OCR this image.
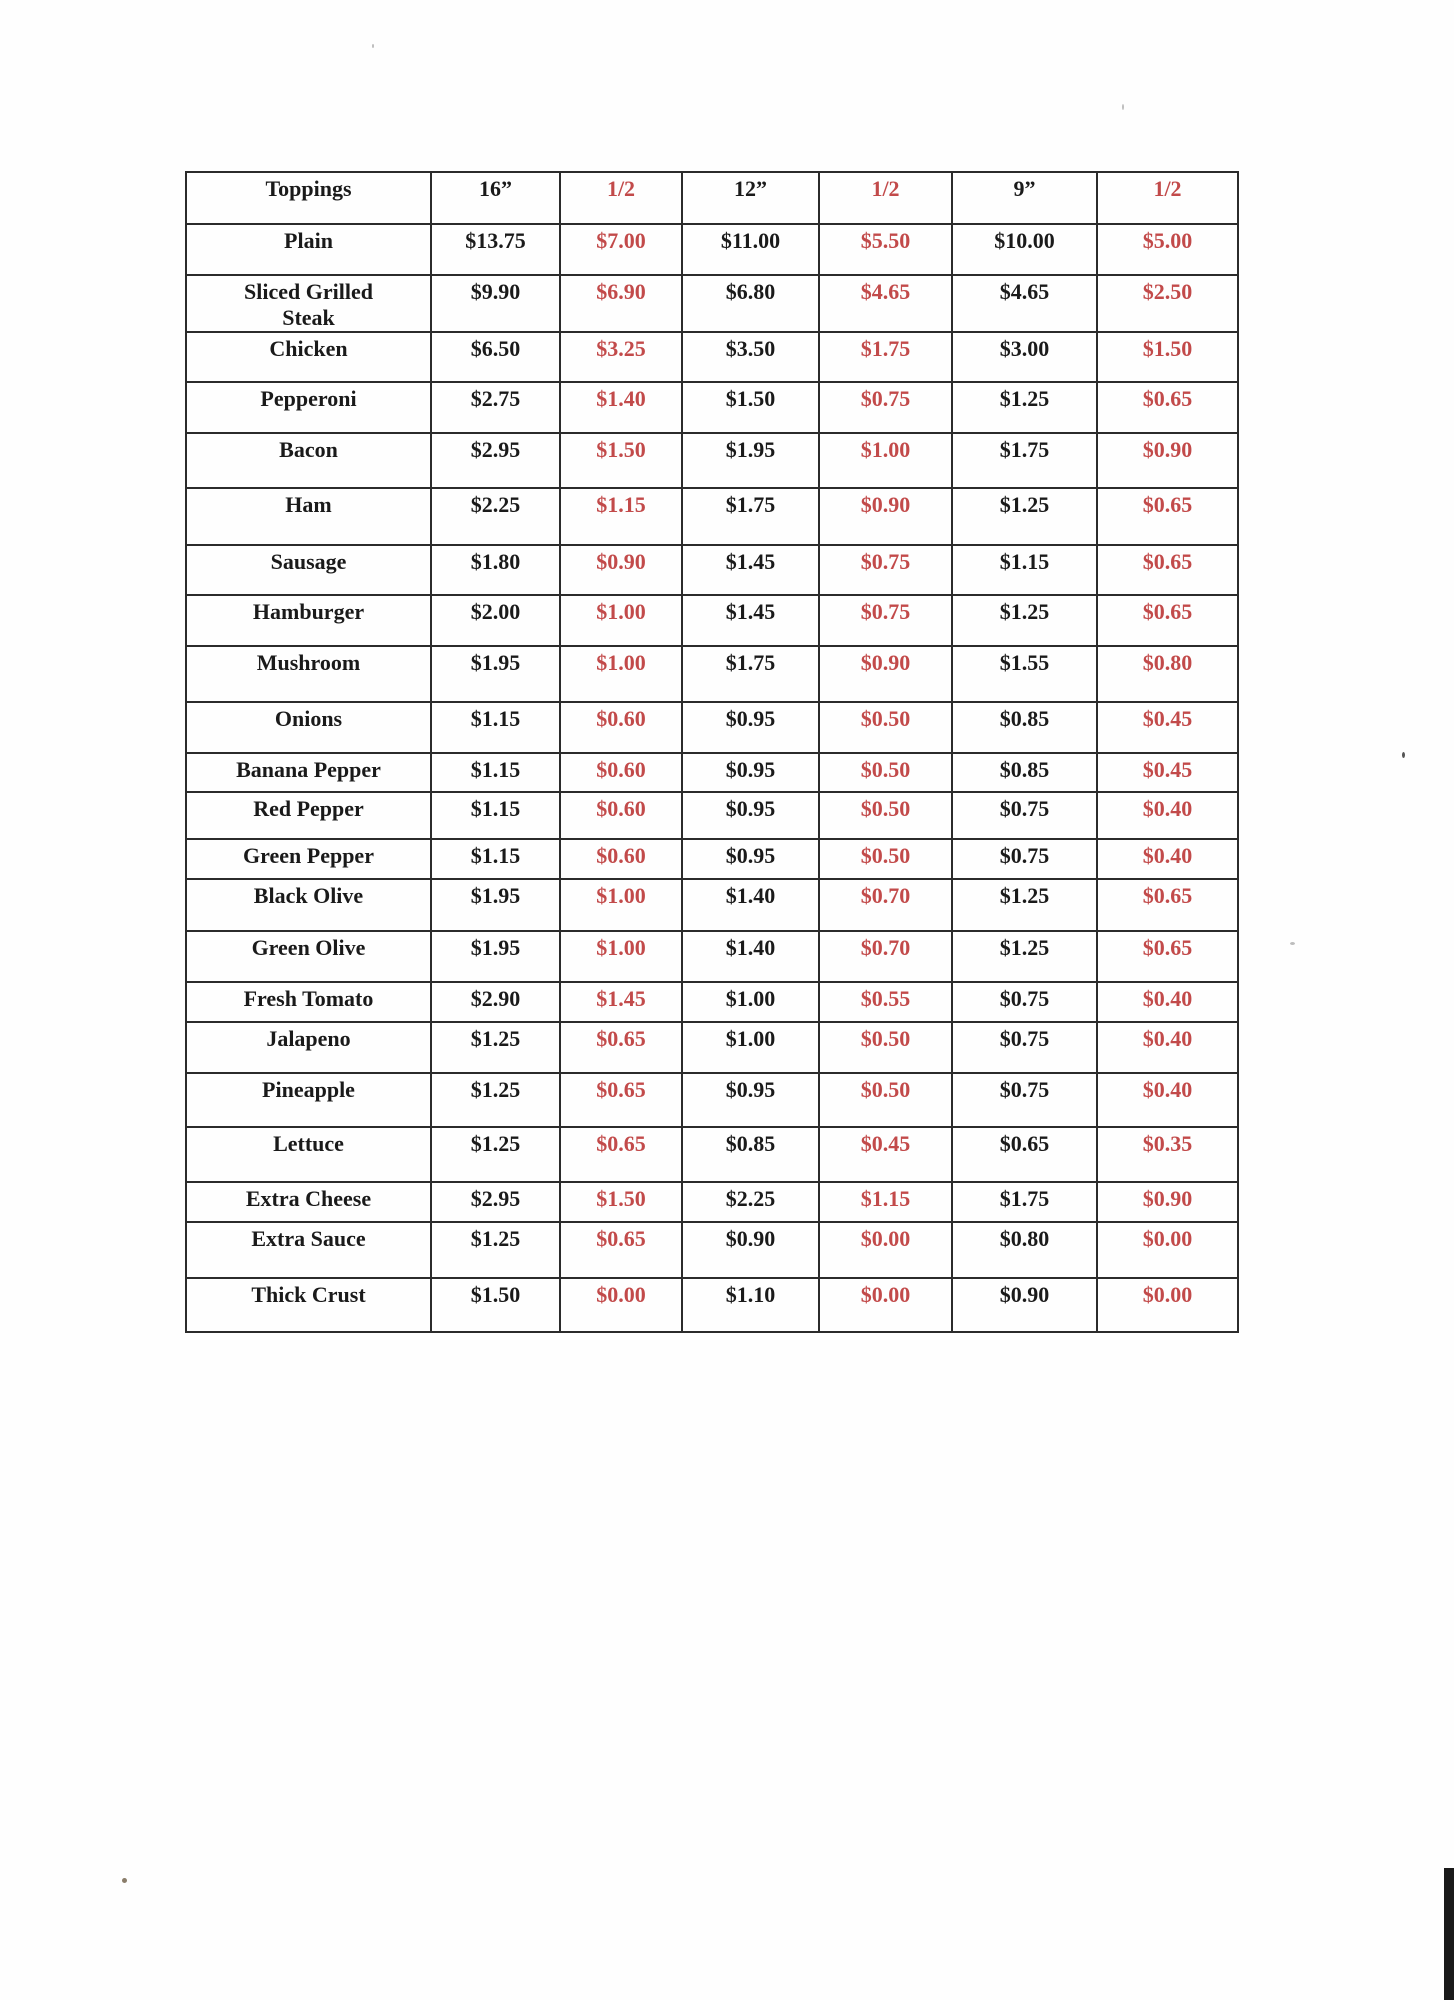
Toppings	16”	1/2	12”	1/2	9”	1/2
Plain	$13.75	$7.00	$11.00	$5.50	$10.00	$5.00
Sliced Grilled Steak	$9.90	$6.90	$6.80	$4.65	$4.65	$2.50
Chicken	$6.50	$3.25	$3.50	$1.75	$3.00	$1.50
Pepperoni	$2.75	$1.40	$1.50	$0.75	$1.25	$0.65
Bacon	$2.95	$1.50	$1.95	$1.00	$1.75	$0.90
Ham	$2.25	$1.15	$1.75	$0.90	$1.25	$0.65
Sausage	$1.80	$0.90	$1.45	$0.75	$1.15	$0.65
Hamburger	$2.00	$1.00	$1.45	$0.75	$1.25	$0.65
Mushroom	$1.95	$1.00	$1.75	$0.90	$1.55	$0.80
Onions	$1.15	$0.60	$0.95	$0.50	$0.85	$0.45
Banana Pepper	$1.15	$0.60	$0.95	$0.50	$0.85	$0.45
Red Pepper	$1.15	$0.60	$0.95	$0.50	$0.75	$0.40
Green Pepper	$1.15	$0.60	$0.95	$0.50	$0.75	$0.40
Black Olive	$1.95	$1.00	$1.40	$0.70	$1.25	$0.65
Green Olive	$1.95	$1.00	$1.40	$0.70	$1.25	$0.65
Fresh Tomato	$2.90	$1.45	$1.00	$0.55	$0.75	$0.40
Jalapeno	$1.25	$0.65	$1.00	$0.50	$0.75	$0.40
Pineapple	$1.25	$0.65	$0.95	$0.50	$0.75	$0.40
Lettuce	$1.25	$0.65	$0.85	$0.45	$0.65	$0.35
Extra Cheese	$2.95	$1.50	$2.25	$1.15	$1.75	$0.90
Extra Sauce	$1.25	$0.65	$0.90	$0.00	$0.80	$0.00
Thick Crust	$1.50	$0.00	$1.10	$0.00	$0.90	$0.00
